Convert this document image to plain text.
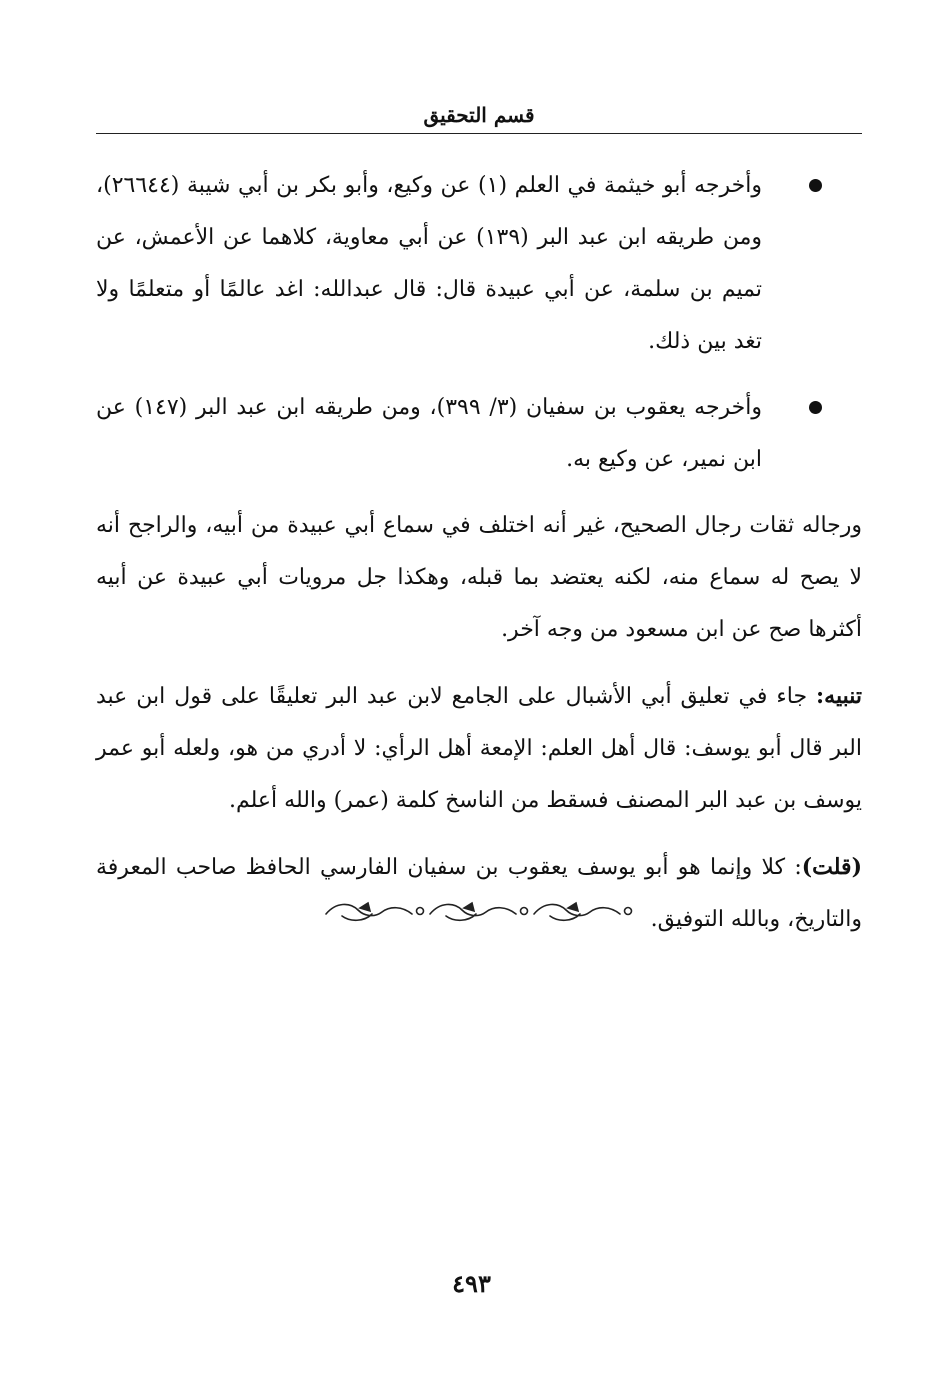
قسم التحقيق
وأخرجه أبو خيثمة في العلم (١) عن وكيع، وأبو بكر بن أبي شيبة (٢٦٦٤٤)، ومن طريقه ابن عبد البر (١٣٩) عن أبي معاوية، كلاهما عن الأعمش، عن تميم بن سلمة، عن أبي عبيدة قال: قال عبدالله: اغد عالمًا أو متعلمًا ولا تغد بين ذلك.
وأخرجه يعقوب بن سفيان (٣/ ٣٩٩)، ومن طريقه ابن عبد البر (١٤٧) عن ابن نمير، عن وكيع به.

ورجاله ثقات رجال الصحيح، غير أنه اختلف في سماع أبي عبيدة من أبيه، والراجح أنه لا يصح له سماع منه، لكنه يعتضد بما قبله، وهكذا جل مرويات أبي عبيدة عن أبيه أكثرها صح عن ابن مسعود من وجه آخر.

تنبيه: جاء في تعليق أبي الأشبال على الجامع لابن عبد البر تعليقًا على قول ابن عبد البر قال أبو يوسف: قال أهل العلم: الإمعة أهل الرأي: لا أدري من هو، ولعله أبو عمر يوسف بن عبد البر المصنف فسقط من الناسخ كلمة (عمر) والله أعلم.

(قلت): كلا وإنما هو أبو يوسف يعقوب بن سفيان الفارسي الحافظ صاحب المعرفة والتاريخ، وبالله التوفيق.

٤٩٣
